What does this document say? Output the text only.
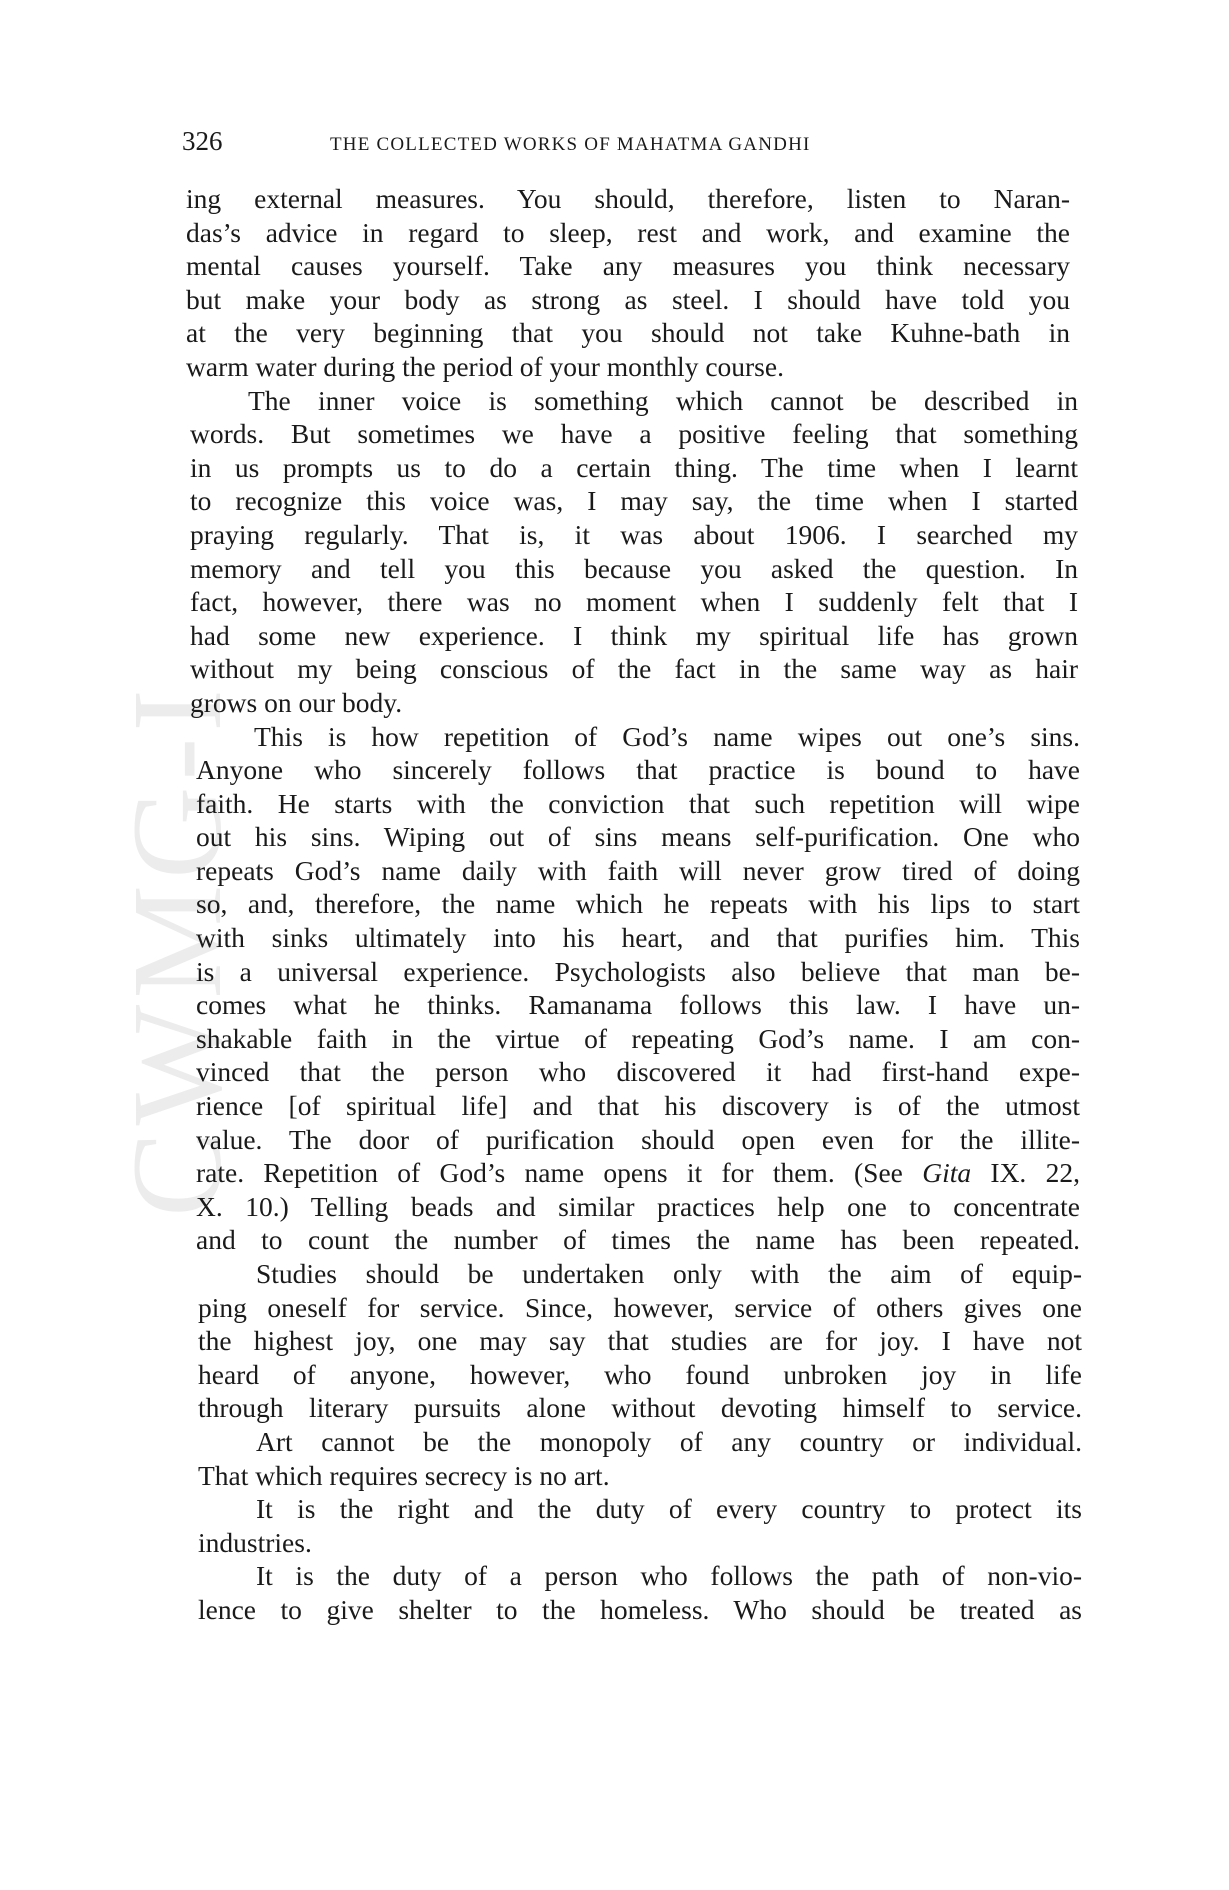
CWMG-I
326	THE COLLECTED WORKS OF MAHATMA GANDHI
ing external measures. You should, therefore, listen to Naran-
das’s advice in regard to sleep, rest and work, and examine the
mental causes yourself. Take any measures you think necessary
but make your body as strong as steel. I should have told you
at the very beginning that you should not take Kuhne-bath in
warm water during the period of your monthly course.
The inner voice is something which cannot be described in
words. But sometimes we have a positive feeling that something
in us prompts us to do a certain thing. The time when I learnt
to recognize this voice was, I may say, the time when I started
praying regularly. That is, it was about 1906. I searched my
memory and tell you this because you asked the question. In
fact, however, there was no moment when I suddenly felt that I
had some new experience. I think my spiritual life has grown
without my being conscious of the fact in the same way as hair
grows on our body.
This is how repetition of God’s name wipes out one’s sins.
Anyone who sincerely follows that practice is bound to have
faith. He starts with the conviction that such repetition will wipe
out his sins. Wiping out of sins means self-purification. One who
repeats God’s name daily with faith will never grow tired of doing
so, and, therefore, the name which he repeats with his lips to start
with sinks ultimately into his heart, and that purifies him. This
is a universal experience. Psychologists also believe that man be-
comes what he thinks. Ramanama follows this law. I have un-
shakable faith in the virtue of repeating God’s name. I am con-
vinced that the person who discovered it had first-hand expe-
rience [of spiritual life] and that his discovery is of the utmost
value. The door of purification should open even for the illite-
rate. Repetition of God’s name opens it for them. (See Gita IX. 22,
X. 10.) Telling beads and similar practices help one to concentrate
and to count the number of times the name has been repeated.
Studies should be undertaken only with the aim of equip-
ping oneself for service. Since, however, service of others gives one
the highest joy, one may say that studies are for joy. I have not
heard of anyone, however, who found unbroken joy in life
through literary pursuits alone without devoting himself to service.
Art cannot be the monopoly of any country or individual.
That which requires secrecy is no art.
It is the right and the duty of every country to protect its
industries.
It is the duty of a person who follows the path of non-vio-
lence to give shelter to the homeless. Who should be treated as
